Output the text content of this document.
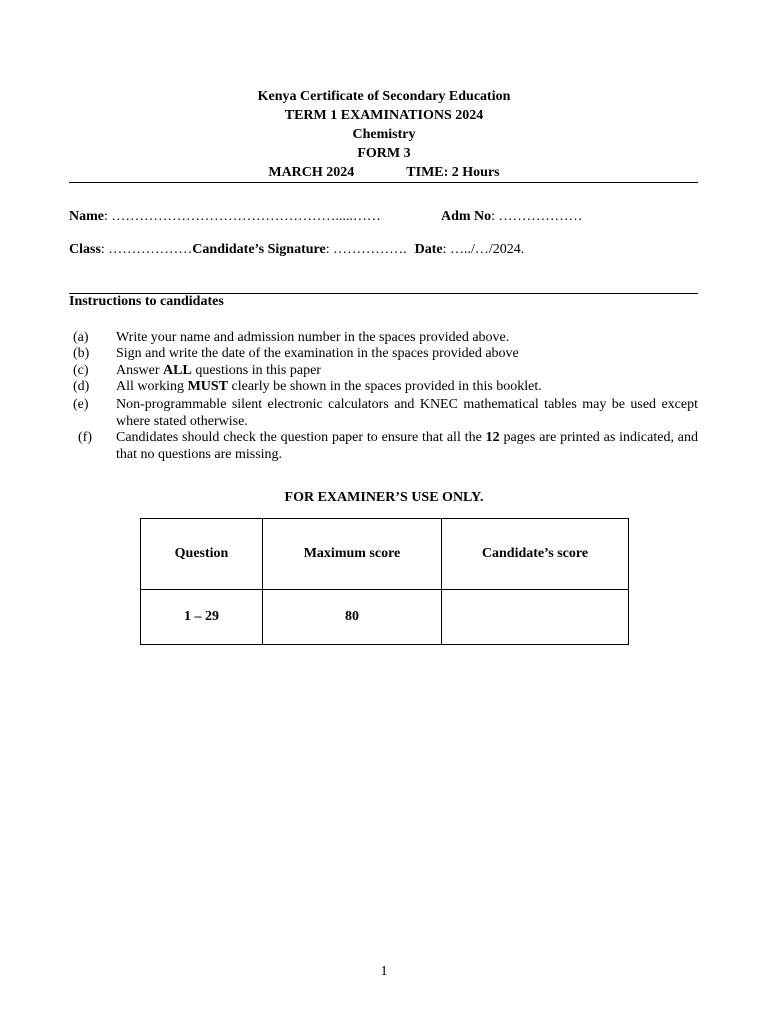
Kenya Certificate of Secondary Education
TERM 1 EXAMINATIONS 2024
Chemistry
FORM 3
MARCH 2024	TIME: 2 Hours
Name: ………………………………………….....……	Adm No: ………………
Class: ………………Candidate’s Signature: ……………. Date: …../…/2024.
Instructions to candidates
(a)	Write your name and admission number in the spaces provided above.
(b)	Sign and write the date of the examination in the spaces provided above
(c)	Answer ALL questions in this paper
(d)	All working MUST clearly be shown in the spaces provided in this booklet.
(e)	Non-programmable silent electronic calculators and KNEC mathematical tables may be used except where stated otherwise.
(f)	Candidates should check the question paper to ensure that all the 12 pages are printed as indicated, and that no questions are missing.
FOR EXAMINER’S USE ONLY.
Question	Maximum score	Candidate’s score
1 – 29	80	
1
